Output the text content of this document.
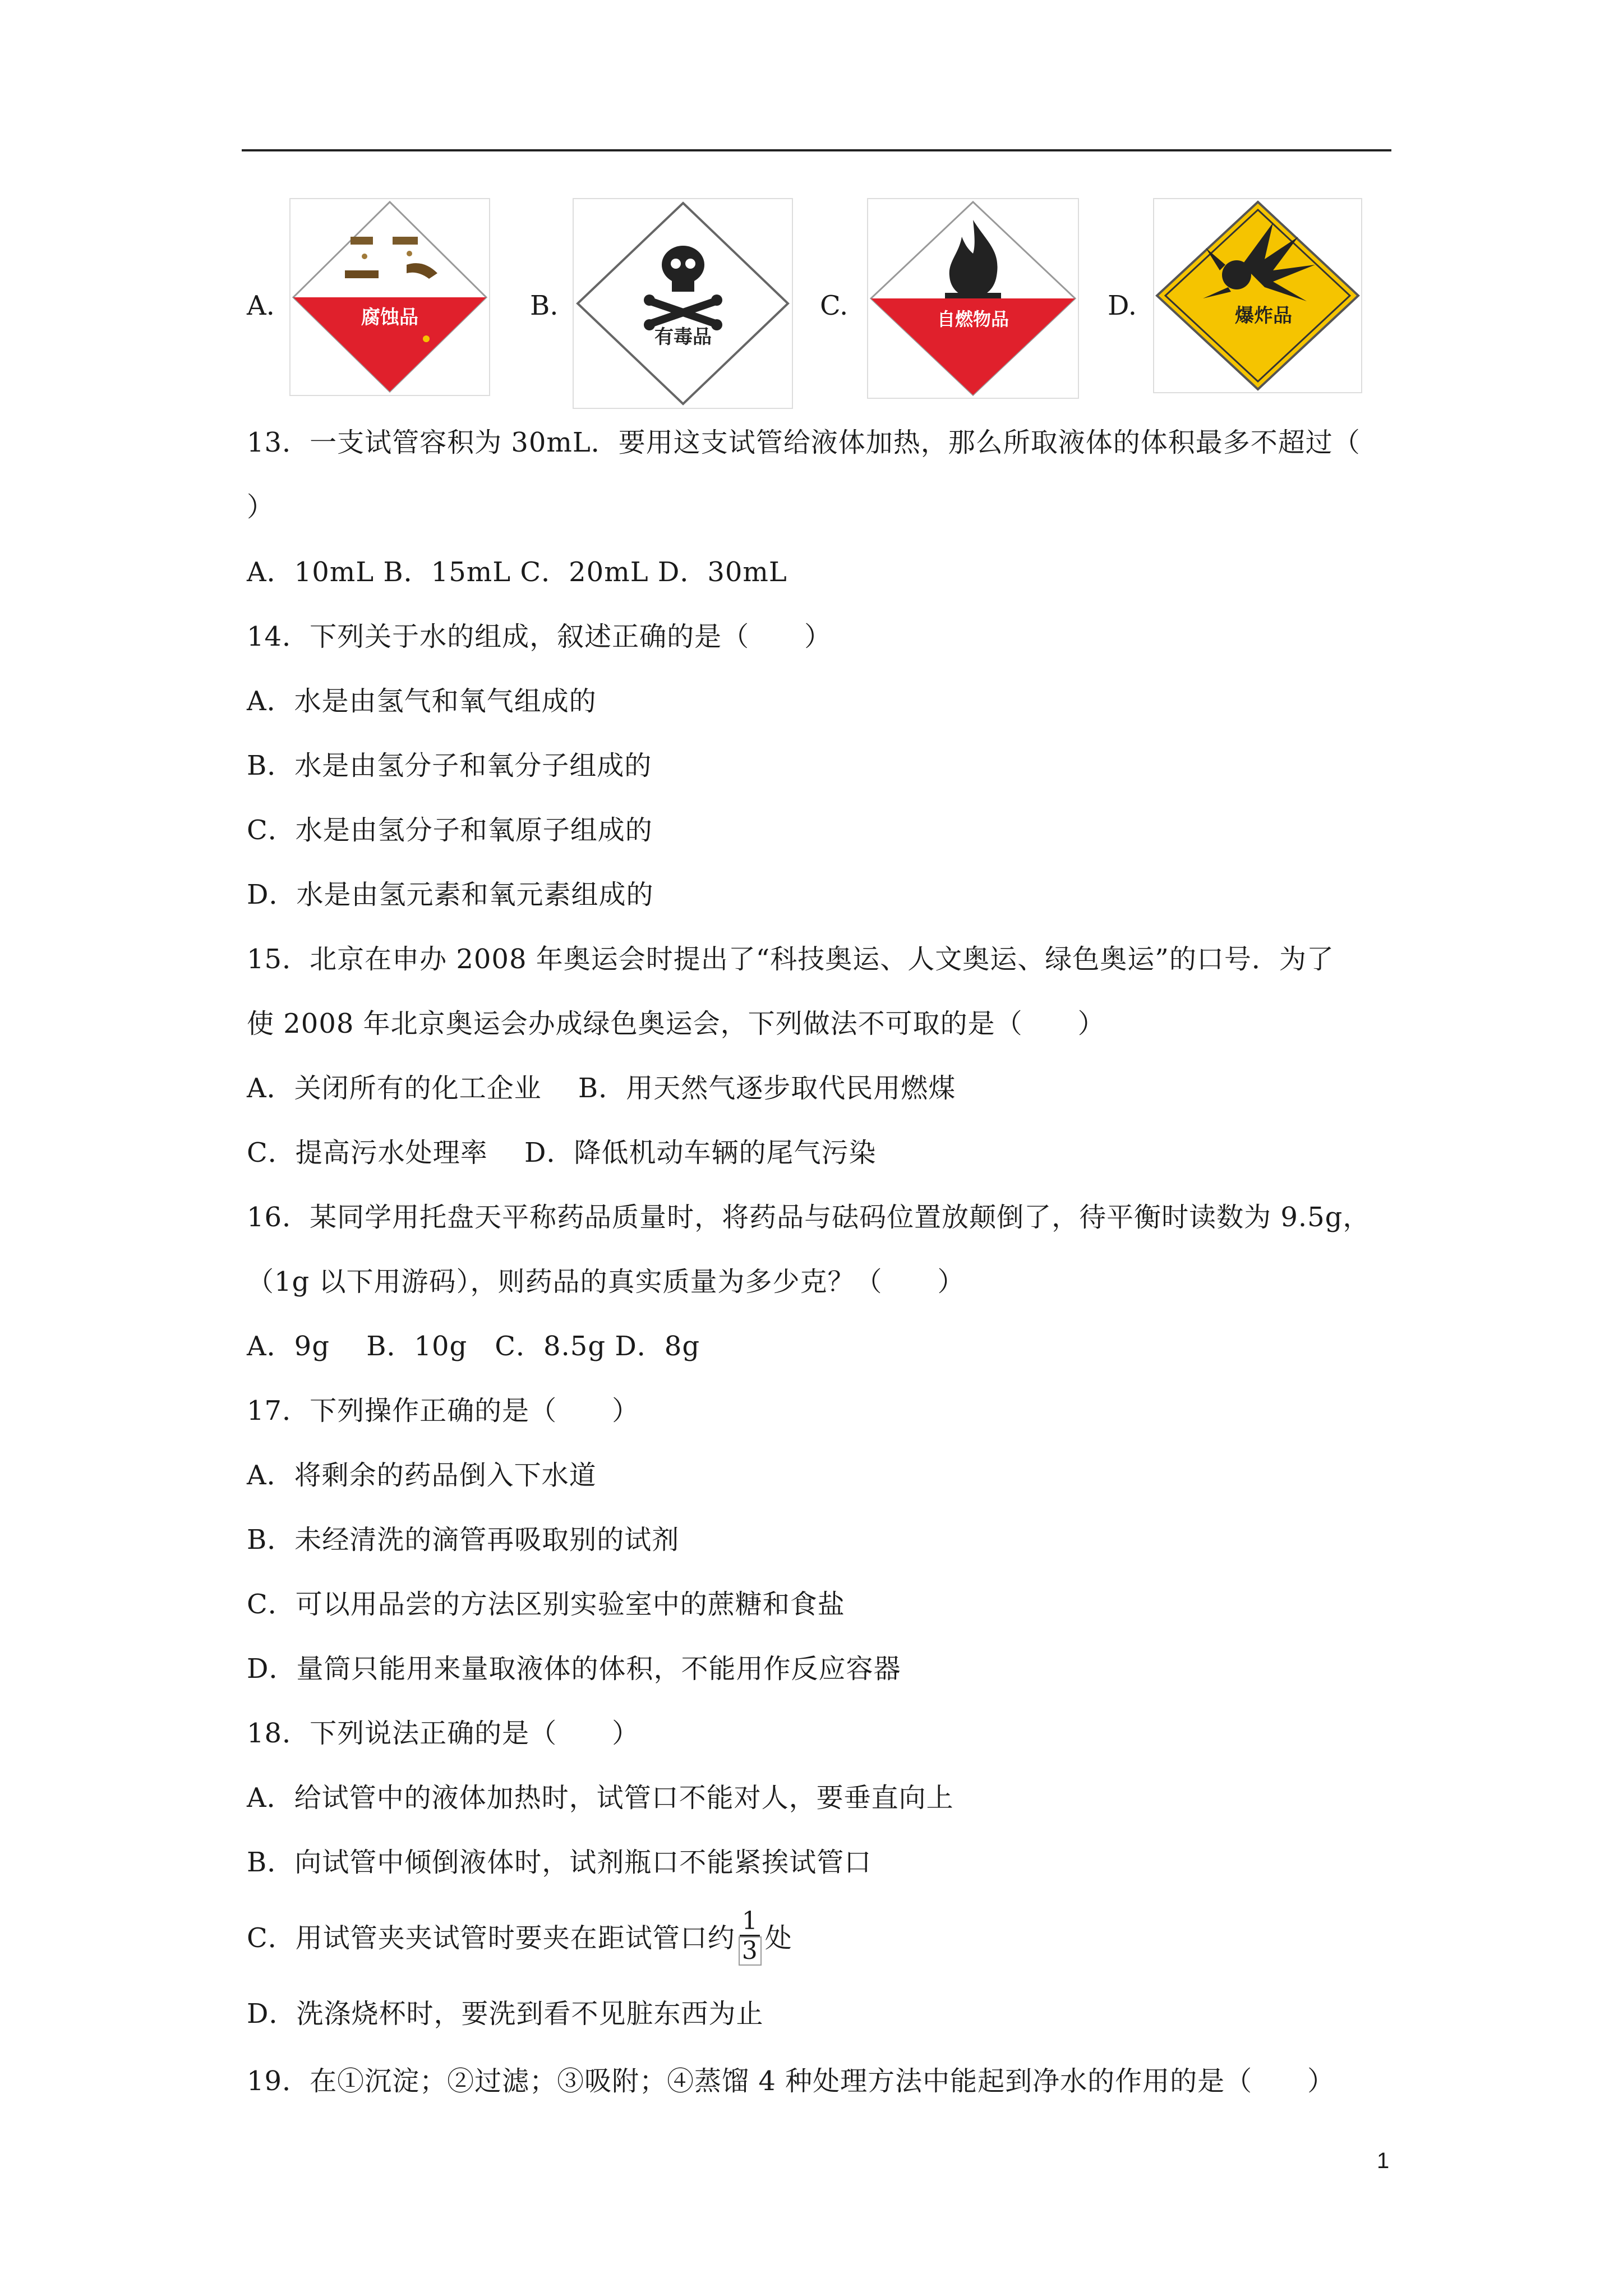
A.	腐蚀品	B.
有毒品
C.	自燃物品	D.	爆炸品
13．一支试管容积为 30mL．要用这支试管给液体加热，那么所取液体的体积最多不超过（
）
A．10mL B．15mL C．20mL D．30mL
14．下列关于水的组成，叙述正确的是（　　）
A．水是由氢气和氧气组成的
B．水是由氢分子和氧分子组成的
C．水是由氢分子和氧原子组成的
D．水是由氢元素和氧元素组成的
15．北京在申办 2008 年奥运会时提出了“科技奥运、人文奥运、绿色奥运”的口号．为了
使 2008 年北京奥运会办成绿色奥运会，下列做法不可取的是（　　）
A．关闭所有的化工企业　 B．用天然气逐步取代民用燃煤
C．提高污水处理率　 D．降低机动车辆的尾气污染
16．某同学用托盘天平称药品质量时，将药品与砝码位置放颠倒了，待平衡时读数为 9.5g，
（1g 以下用游码），则药品的真实质量为多少克？（　　）
A．9g　 B．10g　C．8.5g D．8g
17．下列操作正确的是（　　）
A．将剩余的药品倒入下水道
B．未经清洗的滴管再吸取别的试剂
C．可以用品尝的方法区别实验室中的蔗糖和食盐
D．量筒只能用来量取液体的体积，不能用作反应容器
18．下列说法正确的是（　　）
A．给试管中的液体加热时，试管口不能对人，要垂直向上
B．向试管中倾倒液体时，试剂瓶口不能紧挨试管口
C．用试管夹夹试管时要夹在距试管口约 $\frac{1}{3}$ 处
D．洗涤烧杯时，要洗到看不见脏东西为止
19．在①沉淀；②过滤；③吸附；④蒸馏 4 种处理方法中能起到净水的作用的是（　　）
1
